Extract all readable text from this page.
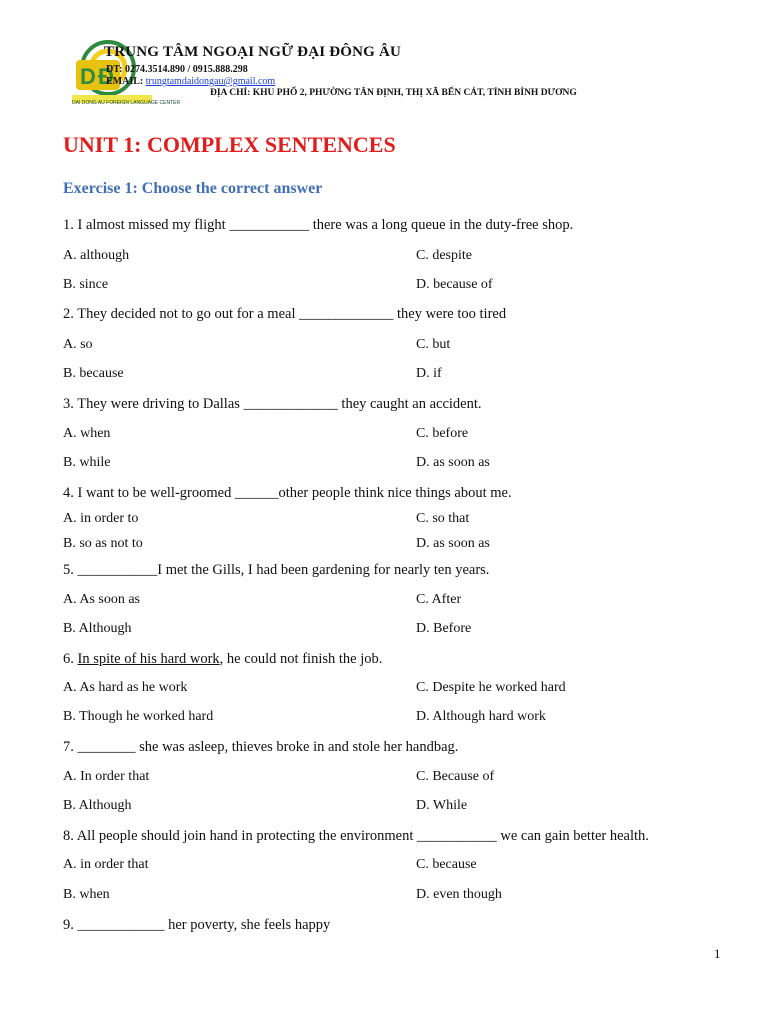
D Đ
DAI DONG AU FOREIGN LANGUAGE CENTER
TRUNG TÂM NGOẠI NGỮ ĐẠI ĐÔNG ÂU
ĐT: 0274.3514.890 / 0915.888.298
EMAIL: trungtamdaidongau@gmail.com
ĐỊA CHỈ: KHU PHỐ 2, PHƯỜNG TÂN ĐỊNH, THỊ XÃ BẾN CÁT, TỈNH BÌNH DƯƠNG
UNIT 1: COMPLEX SENTENCES
Exercise 1: Choose the correct answer
1. I almost missed my flight ___________ there was a long queue in the duty-free shop.
A. although	C. despite
B. since	D. because of
2. They decided not to go out for a meal _____________ they were too tired
A. so	C. but
B. because	D. if
3. They were driving to Dallas _____________ they caught an accident.
A. when	C. before
B. while	D. as soon as
4. I want to be well-groomed ______other people think nice things about me.
A. in order to	C. so that
B. so as not to	D. as soon as
5. ___________I met the Gills, I had been gardening for nearly ten years.
A. As soon as	C. After
B. Although	D. Before
6. In spite of his hard work, he could not finish the job.
A. As hard as he work	C. Despite he worked hard
B. Though he worked hard	D. Although hard work
7. ________ she was asleep, thieves broke in and stole her handbag.
A. In order that	C. Because of
B. Although	D. While
8. All people should join hand in protecting the environment ___________ we can gain better health.
A. in order that	C. because
B. when	D. even though
9. ____________ her poverty, she feels happy
1
